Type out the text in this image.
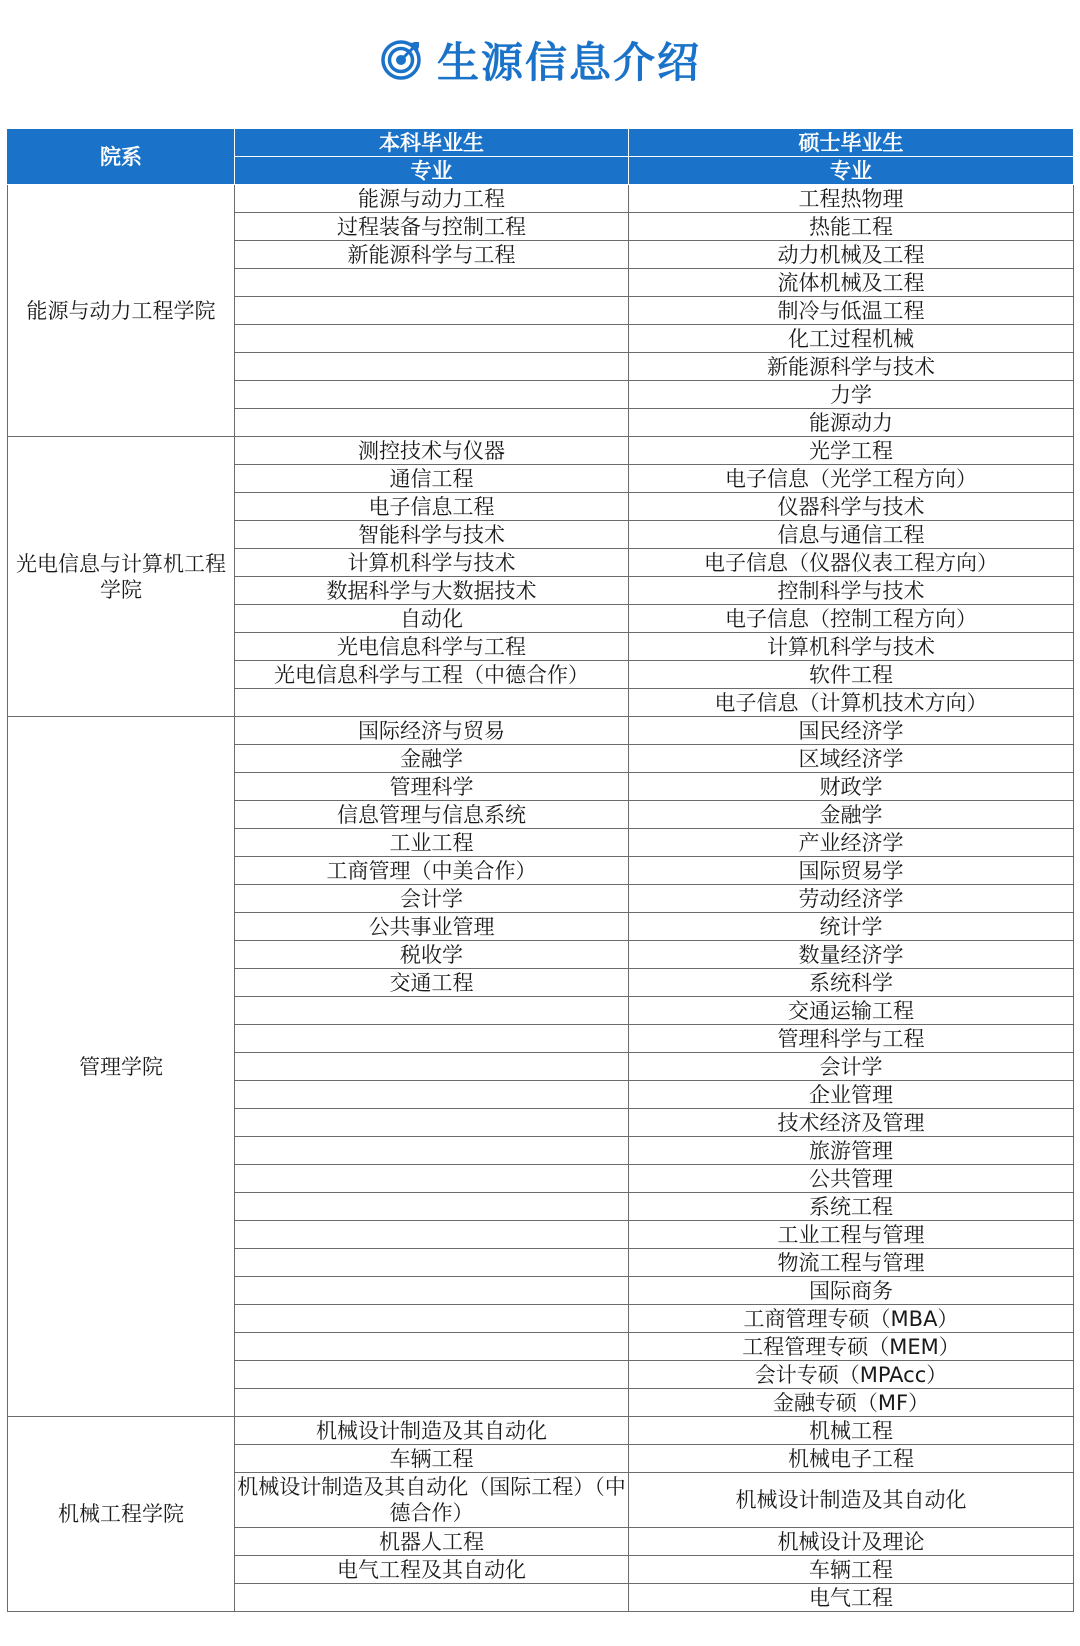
生源信息介绍
院系	本科毕业生	硕士毕业生
	专业	专业
能源与动力工程学院	能源与动力工程	工程热物理
	过程装备与控制工程	热能工程
	新能源科学与工程	动力机械及工程
		流体机械及工程
		制冷与低温工程
		化工过程机械
		新能源科学与技术
		力学
		能源动力
光电信息与计算机工程学院	测控技术与仪器	光学工程
	通信工程	电子信息（光学工程方向）
	电子信息工程	仪器科学与技术
	智能科学与技术	信息与通信工程
	计算机科学与技术	电子信息（仪器仪表工程方向）
	数据科学与大数据技术	控制科学与技术
	自动化	电子信息（控制工程方向）
	光电信息科学与工程	计算机科学与技术
	光电信息科学与工程（中德合作）	软件工程
		电子信息（计算机技术方向）
管理学院	国际经济与贸易	国民经济学
	金融学	区域经济学
	管理科学	财政学
	信息管理与信息系统	金融学
	工业工程	产业经济学
	工商管理（中美合作）	国际贸易学
	会计学	劳动经济学
	公共事业管理	统计学
	税收学	数量经济学
	交通工程	系统科学
		交通运输工程
		管理科学与工程
		会计学
		企业管理
		技术经济及管理
		旅游管理
		公共管理
		系统工程
		工业工程与管理
		物流工程与管理
		国际商务
		工商管理专硕（MBA）
		工程管理专硕（MEM）
		会计专硕（MPAcc）
		金融专硕（MF）
机械工程学院	机械设计制造及其自动化	机械工程
	车辆工程	机械电子工程
	机械设计制造及其自动化（国际工程）（中德合作）	机械设计制造及其自动化
	机器人工程	机械设计及理论
	电气工程及其自动化	车辆工程
		电气工程
